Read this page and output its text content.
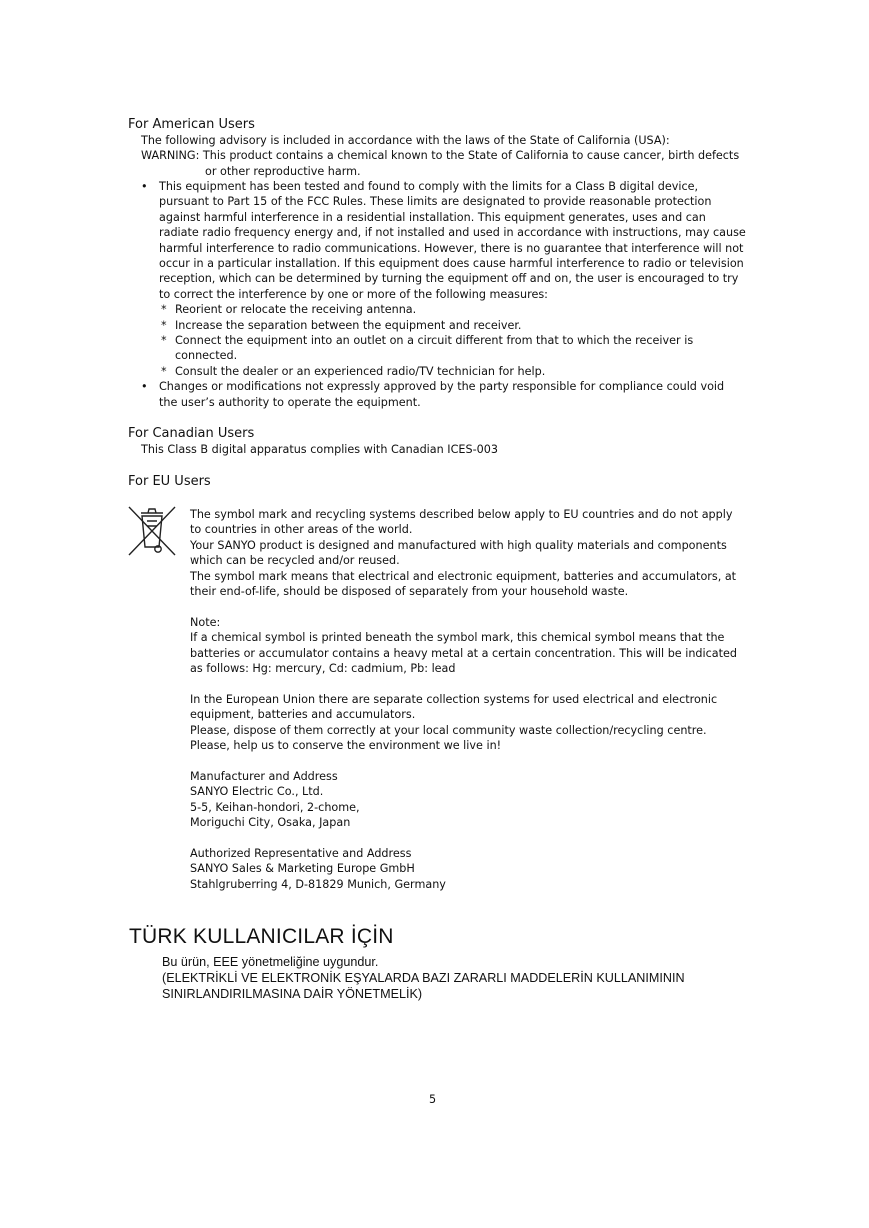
For American Users
The following advisory is included in accordance with the laws of the State of California (USA):
WARNING: This product contains a chemical known to the State of California to cause cancer, birth defects
or other reproductive harm.

• This equipment has been tested and found to comply with the limits for a Class B digital device, pursuant to Part 15 of the FCC Rules. These limits are designated to provide reasonable protection against harmful interference in a residential installation. This equipment generates, uses and can radiate radio frequency energy and, if not installed and used in accordance with instructions, may cause harmful interference to radio communications. However, there is no guarantee that interference will not occur in a particular installation. If this equipment does cause harmful interference to radio or television reception, which can be determined by turning the equipment off and on, the user is encouraged to try to correct the interference by one or more of the following measures:

* Reorient or relocate the receiving antenna.
* Increase the separation between the equipment and receiver.
* Connect the equipment into an outlet on a circuit different from that to which the receiver is connected.
* Consult the dealer or an experienced radio/TV technician for help.
• Changes or modifications not expressly approved by the party responsible for compliance could void the user’s authority to operate the equipment.
For Canadian Users
This Class B digital apparatus complies with Canadian ICES-003
For EU Users

The symbol mark and recycling systems described below apply to EU countries and do not apply

to countries in other areas of the world.

Your SANYO product is designed and manufactured with high quality materials and components

which can be recycled and/or reused.

The symbol mark means that electrical and electronic equipment, batteries and accumulators, at

their end-of-life, should be disposed of separately from your household waste.

Note:

If a chemical symbol is printed beneath the symbol mark, this chemical symbol means that the

batteries or accumulator contains a heavy metal at a certain concentration. This will be indicated

as follows: Hg: mercury, Cd: cadmium, Pb: lead

In the European Union there are separate collection systems for used electrical and electronic

equipment, batteries and accumulators.

Please, dispose of them correctly at your local community waste collection/recycling centre.

Please, help us to conserve the environment we live in!

Manufacturer and Address

SANYO Electric Co., Ltd.

5-5, Keihan-hondori, 2-chome,

Moriguchi City, Osaka, Japan

Authorized Representative and Address

SANYO Sales & Marketing Europe GmbH

Stahlgruberring 4, D-81829 Munich, Germany

TÜRK KULLANICILAR İÇİN
Bu ürün, EEE yönetmeliğine uygundur.
(ELEKTRİKLİ VE ELEKTRONİK EŞYALARDA BAZI ZARARLI MADDELERİN KULLANIMININ
SINIRLANDIRILMASINA DAİR YÖNETMELİK)
5
